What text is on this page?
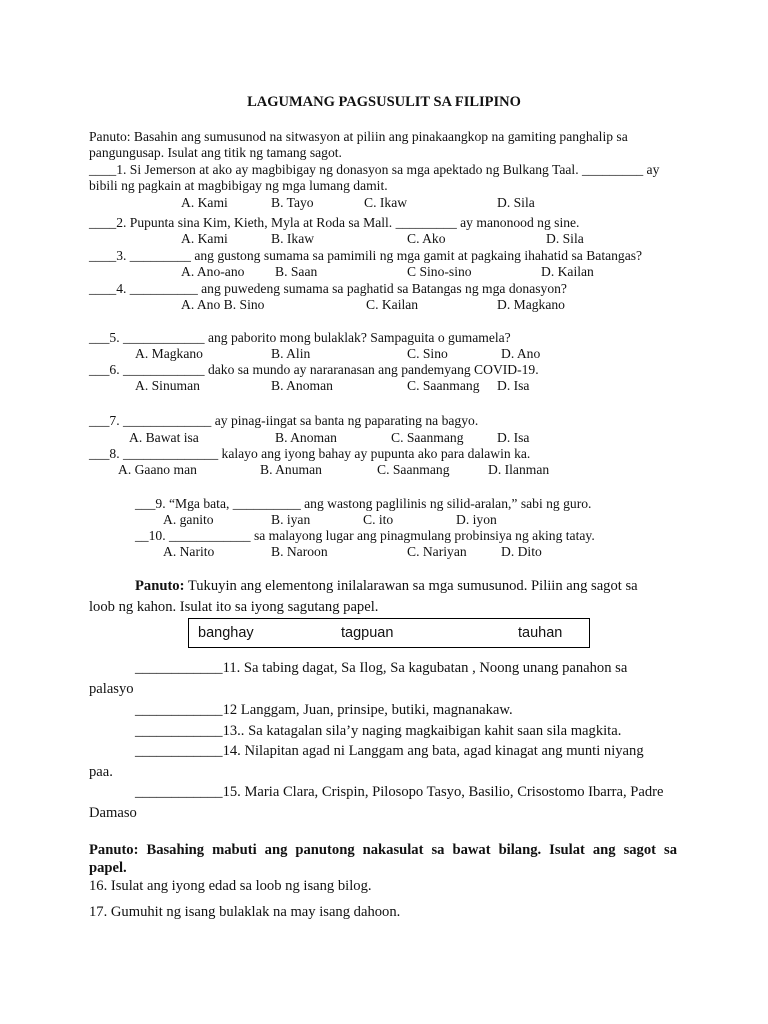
LAGUMANG PAGSUSULIT SA FILIPINO
Panuto: Basahin ang sumusunod na sitwasyon at piliin ang pinakaangkop na gamiting panghalip sa
pangungusap. Isulat ang titik ng tamang sagot.
____1. Si Jemerson at ako ay magbibigay ng donasyon sa mga apektado ng Bulkang Taal. _________ ay
bibili ng pagkain at magbibigay ng mga lumang damit.
A. Kami	B. Tayo	C. Ikaw	D. Sila
____2. Pupunta sina Kim, Kieth, Myla at Roda sa Mall. _________ ay manonood ng sine.
A. Kami	B. Ikaw	C. Ako	D. Sila
____3. _________ ang gustong sumama sa pamimili ng mga gamit at pagkaing ihahatid sa Batangas?
A. Ano-ano B. Saan	C Sino-sino	D. Kailan
____4. __________ ang puwedeng sumama sa paghatid sa Batangas ng mga donasyon?
A. Ano B. Sino	C. Kailan	D. Magkano
___5. ____________ ang paborito mong bulaklak? Sampaguita o gumamela?
A. Magkano	B. Alin	C. Sino	D. Ano
___6. ____________ dako sa mundo ay nararanasan ang pandemyang COVID-19.
A. Sinuman	B. Anoman	C. Saanmang D. Isa
___7. _____________ ay pinag-iingat sa banta ng paparating na bagyo.
A. Bawat isa	B. Anoman	C. Saanmang D. Isa
___8. ______________ kalayo ang iyong bahay ay pupunta ako para dalawin ka.
A. Gaano man	B. Anuman	C. Saanmang	D. Ilanman
___9. “Mga bata, __________ ang wastong paglilinis ng silid-aralan,” sabi ng guro.
A. ganito	B. iyan	C. ito	D. iyon
__10. ____________ sa malayong lugar ang pinagmulang probinsiya ng aking tatay.
A. Narito	B. Naroon	C. Nariyan	D. Dito
Panuto: Tukuyin ang elementong inilalarawan sa mga sumusunod. Piliin ang sagot sa
loob ng kahon. Isulat ito sa iyong sagutang papel.
banghay	tagpuan	tauhan
____________11. Sa tabing dagat, Sa Ilog, Sa kagubatan , Noong unang panahon sa
palasyo
____________12 Langgam, Juan, prinsipe, butiki, magnanakaw.
____________13.. Sa katagalan sila’y naging magkaibigan kahit saan sila magkita.
____________14. Nilapitan agad ni Langgam ang bata, agad kinagat ang munti niyang
paa.
____________15. Maria Clara, Crispin, Pilosopo Tasyo, Basilio, Crisostomo Ibarra, Padre
Damaso
Panuto: Basahing mabuti ang panutong nakasulat sa bawat bilang. Isulat ang sagot sa
papel.
16. Isulat ang iyong edad sa loob ng isang bilog.
17. Gumuhit ng isang bulaklak na may isang dahoon.
